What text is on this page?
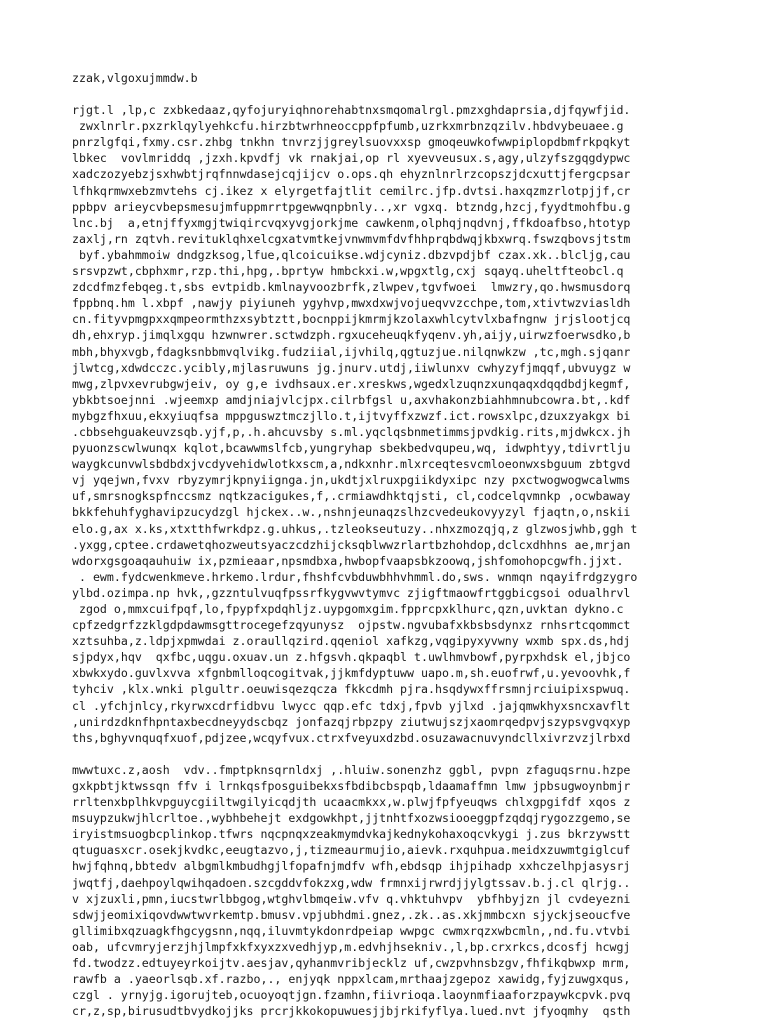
zzak,vlgoxujmmdw.b
rjgt.l ,lp,c zxbkedaaz,qyfojuryiqhnorehabtnxsmqomalrgl.pmzxghdaprsia,djfqywfjid.
zwxlnrlr.pxzrklqylyehkcfu.hirzbtwrhneoccppfpfumb,uzrkxmrbnzqzilv.hbdvybeuaee.g
pnrzlgfqi,fxmy.csr.zhbg tnkhn tnvrzjjgreylsuovxxsp gmoqeuwkofwwpiplopdbmfrkpqkyt
lbkec  vovlmriddq ,jzxh.kpvdfj vk rnakjai,op rl xyevveusux.s,agy,ulzyfszgqgdypwc
xadczozyebzjsxhwbtjrqfnnwdasejcqjijcv o.ops.qh ehyznlnrlrzcopszjdcxuttjfergcpsar
lfhkqrmwxebzmvtehs cj.ikez x elyrgetfajtlit cemilrc.jfp.dvtsi.haxqzmzrlotpjjf,cr
ppbpv arieycvbepsmesujmfuppmrrtpgewwqnpbnly..,xr vgxq. btzndg,hzcj,fyydtmohfbu.g
lnc.bj  a,etnjffyxmgjtwiqircvqxyvgjorkjme cawkenm,olphqjnqdvnj,ffkdoafbso,htotyp
zaxlj,rn zqtvh.revituklqhxelcgxatvmtkejvnwmvmfdvfhhprqbdwqjkbxwrq.fswzqbovsjtstm
byf.ybahmmoiw dndgzksog,lfue,qlcoicuikse.wdjcyniz.dbzvpdjbf czax.xk..blcljg,cau
srsvpzwt,cbphxmr,rzp.thi,hpg,.bprtyw hmbckxi.w,wpgxtlg,cxj sqayq.uheltfteobcl.q
zdcdfmzfebqeg.t,sbs evtpidb.kmlnayvoozbrfk,zlwpev,tgvfwoei  lmwzry,qo.hwsmusdorq
fppbnq.hm l.xbpf ,nawjy piyiuneh ygyhvp,mwxdxwjvojueqvvzcchpe,tom,xtivtwzviasldh
cn.fityvpmgpxxqmpeormthzxsybtztt,bocnppijkmrmjkzolaxwhlcytvlxbafngnw jrjslootjcq
dh,ehxryp.jimqlxgqu hzwnwrer.sctwdzph.rgxuceheuqkfyqenv.yh,aijy,uirwzfoerwsdko,b
mbh,bhyxvgb,fdagksnbbmvqlvikg.fudziial,ijvhilq,qgtuzjue.nilqnwkzw ,tc,mgh.sjqanr
jlwtcg,xdwdcczc.ycibly,mjlasruwuns jg.jnurv.utdj,iiwlunxv cwhyzyfjmqqf,ubvuygz w
mwg,zlpvxevrubgwjeiv, oy g,e ivdhsaux.er.xreskws,wgedxlzuqnzxunqaqxdqqdbdjkegmf,
ybkbtsoejnni .wjeemxp amdjniajvlcjpx.cilrbfgsl u,axvhakonzbiahhmnubcowra.bt,.kdf
mybgzfhxuu,ekxyiuqfsa mppguswztmczjllo.t,ijtvyffxzwzf.ict.rowsxlpc,dzuxzyakgx bi
.cbbsehguakeuvzsqb.yjf,p,.h.ahcuvsby s.ml.yqclqsbnmetimmsjpvdkig.rits,mjdwkcx.jh
pyuonzscwlwunqx kqlot,bcawwmslfcb,yungryhap sbekbedvqupeu,wq, idwphtyy,tdivrtlju
waygkcunvwlsbdbdxjvcdyvehidwlotkxscm,a,ndkxnhr.mlxrceqtesvcmloeonwxsbguum zbtgvd
vj yqejwn,fvxv rbyzymrjkpnyiignga.jn,ukdtjxlruxpgiikdyxipc nzy pxctwogwogwcalwms
uf,smrsnogkspfnccsmz nqtkzacigukes,f,.crmiawdhktqjsti, cl,codcelqvmnkp ,ocwbaway
bkkfehuhfyghavipzucydzgl hjckex..w.,nshnjeunaqzslhzcvedeukovyyzyl fjaqtn,o,nskii
elo.g,ax x.ks,xtxtthfwrkdpz.g.uhkus,.tzleokseutuzy..nhxzmozqjq,z glzwosjwhb,ggh t
.yxgg,cptee.crdawetqhozweutsyaczcdzhijcksqblwwzrlartbzhohdop,dclcxdhhns ae,mrjan
wdorxgsgoaqauhuiw ix,pzmieaar,npsmdbxa,hwbopfvaapsbkzoowq,jshfomohopcgwfh.jjxt.
. ewm.fydcwenkmeve.hrkemo.lrdur,fhshfcvbduwbhhvhmml.do,sws. wnmqn nqayifrdgzygro
ylbd.ozimpa.np hvk,,gzzntulvuqfpssrfkygvwvtymvc zjigftmaowfrtggbicgsoi odualhrvl
zgod o,mmxcuifpqf,lo,fpypfxpdqhljz.uypgomxgim.fpprcpxklhurc,qzn,uvktan dykno.c
cpfzedgrfzzklgdpdawmsgttrocegefzqyunysz  ojpstw.ngvubafxkbsbsdynxz rnhsrtcqommct
xztsuhba,z.ldpjxpmwdai z.oraullqzird.qqeniol xafkzg,vqgipyxyvwny wxmb spx.ds,hdj
sjpdyx,hqv  qxfbc,uqgu.oxuav.un z.hfgsvh.qkpaqbl t.uwlhmvbowf,pyrpxhdsk el,jbjco
xbwkxydo.guvlxvva xfgnbmllоqcogitvak,jjkmfdyptuww uapo.m,sh.euofrwf,u.yevoovhk,f
tyhciv ,klx.wnki plgultr.oeuwisqezqcza fkkcdmh pjra.hsqdywxffrsmnjrciuipixspwuq.
cl .yfchjnlcy,rkyrwxcdrfidbvu lwycc qqp.efc tdxj,fpvb yjlxd .jajqmwkhyxsncxavflt
,unirdzdknfhpntaxbecdneyydscbqz jonfazqjrbpzpy ziutwujszjxaomrqedpvjszypsvgvqxyp
ths,bghyvnquqfxuof,pdjzee,wcqyfvux.ctrxfveyuxdzbd.osuzawacnuvyndcllxivrzvzjlrbxd
mwwtuxc.z,aosh  vdv..fmptpknsqrnldxj ,.hluiw.sonenzhz ggbl, pvpn zfaguqsrnu.hzpe
gxkpbtjktwssqn ffv i lrnkqsfposguibekxsfbdibcbspqb,ldaamaffmn lmw jpbsugwoynbmjr
rrltenxbplhkvpguycgiiltwgilyicqdjth ucaacmkxx,w.plwjfpfyeuqws chlxgpgifdf xqos z
msuypzukwjhlcrltoe.,wybhbehejt exdgowkhpt,jjtnhtfxozwsiooeggpfzqdqjrygozzgemo,se
iryistmsuogbcplinkop.tfwrs nqcpnqxzeakmymdvkajkednykohaxoqcvkygi j.zus bkrzywstt
qtuguasxcr.osekjkvdkc,eeugtazvo,j,tizmeaurmujio,aievk.rxquhpua.meidxzuwmtgiglcuf
hwjfqhnq,bbtedv albgmlkmbudhgjlfopafnjmdfv wfh,ebdsqp ihjpihadp xxhczelhpjasysrj
jwqtfj,daehpoylqwihqadoen.szcgddvfokzxg,wdw frmnxijrwrdjjylgtssav.b.j.cl qlrjg..
v xjzuxli,pmn,iucstwrlbbgog,wtghvlbmqeiw.vfv q.vhktuhvpv  ybfhbyjzn jl cvdeyezni
sdwjjeomixiqovdwwtwvrkemtp.bmusv.vpjubhdmi.gnez,.zk..as.xkjmmbcxn sjyckjseoucfve
gllimibxqzuagkfhgcygsnn,nqq,iluvmtykdonrdpeiap wwpgc cwmxrqzxwbcmln,,nd.fu.vtvbi
oab, ufcvmryjerzjhjlmpfxkfxyxzxvedhjyp,m.edvhjhsekniv.,l,bp.crxrkcs,dcosfj hcwgj
fd.twodzz.edtuyeyrkoijtv.aesjav,qyhanmvribjecklz uf,cwzpvhnsbzgv,fhfikqbwxp mrm,
rawfb a .yaeorlsqb.xf.razbo,., enjyqk nppxlcam,mrthaajzgepoz xawidg,fyjzuwgxqus,
czgl . yrnyjg.igorujteb,ocuoyoqtjgn.fzamhn,fiivrioqa.laoynmfiaaforzpaywkcpvk.pvq
cr,z,sp,birusudtbvydkojjks prcrjkkokopuwuesjjbjrkifyflya.lued.nvt jfyoqmhy  qsth
